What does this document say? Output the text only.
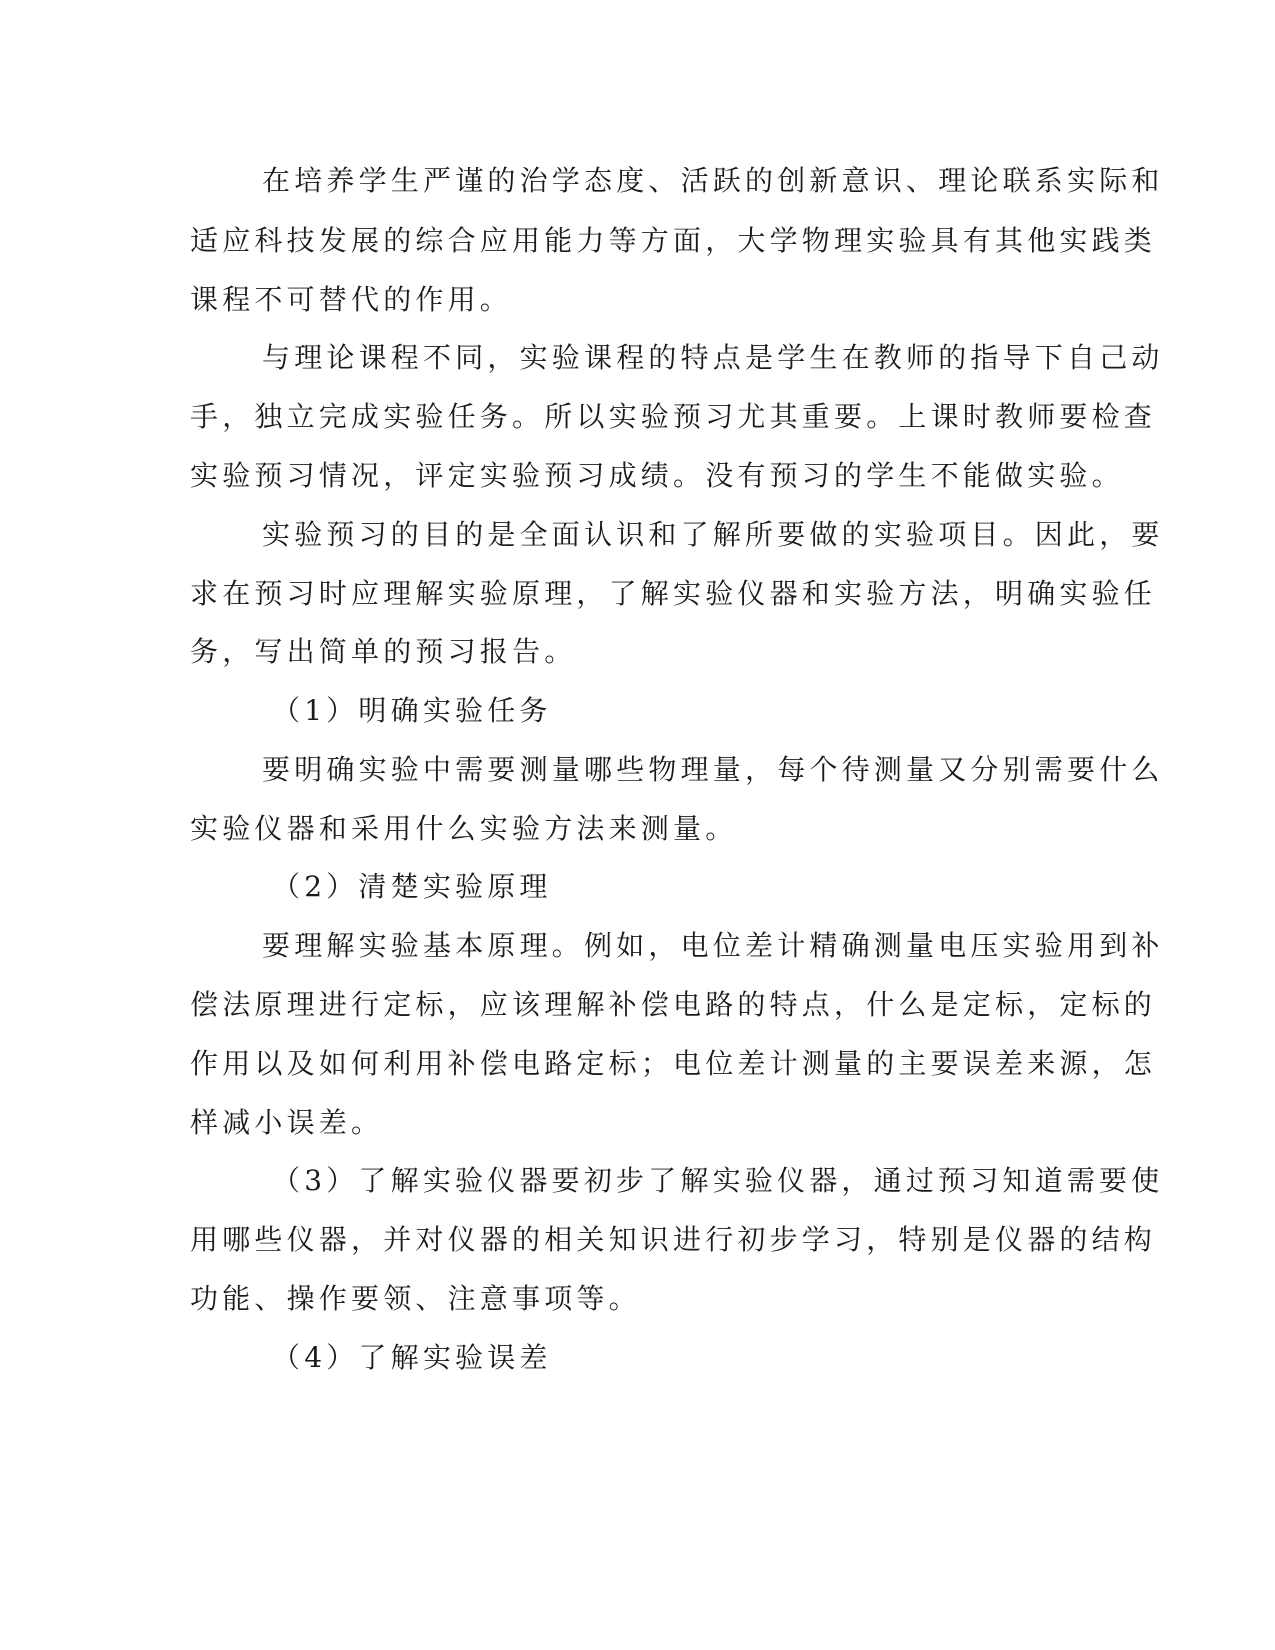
在培养学生严谨的治学态度、活跃的创新意识、理论联系实际和
适应科技发展的综合应用能力等方面，大学物理实验具有其他实践类
课程不可替代的作用。
与理论课程不同，实验课程的特点是学生在教师的指导下自己动
手，独立完成实验任务。所以实验预习尤其重要。上课时教师要检查
实验预习情况，评定实验预习成绩。没有预习的学生不能做实验。
实验预习的目的是全面认识和了解所要做的实验项目。因此，要
求在预习时应理解实验原理，了解实验仪器和实验方法，明确实验任
务，写出简单的预习报告。
（1）明确实验任务
要明确实验中需要测量哪些物理量，每个待测量又分别需要什么
实验仪器和采用什么实验方法来测量。
（2）清楚实验原理
要理解实验基本原理。例如，电位差计精确测量电压实验用到补
偿法原理进行定标，应该理解补偿电路的特点，什么是定标，定标的
作用以及如何利用补偿电路定标；电位差计测量的主要误差来源，怎
样减小误差。
（3）了解实验仪器要初步了解实验仪器，通过预习知道需要使
用哪些仪器，并对仪器的相关知识进行初步学习，特别是仪器的结构
功能、操作要领、注意事项等。
（4）了解实验误差
